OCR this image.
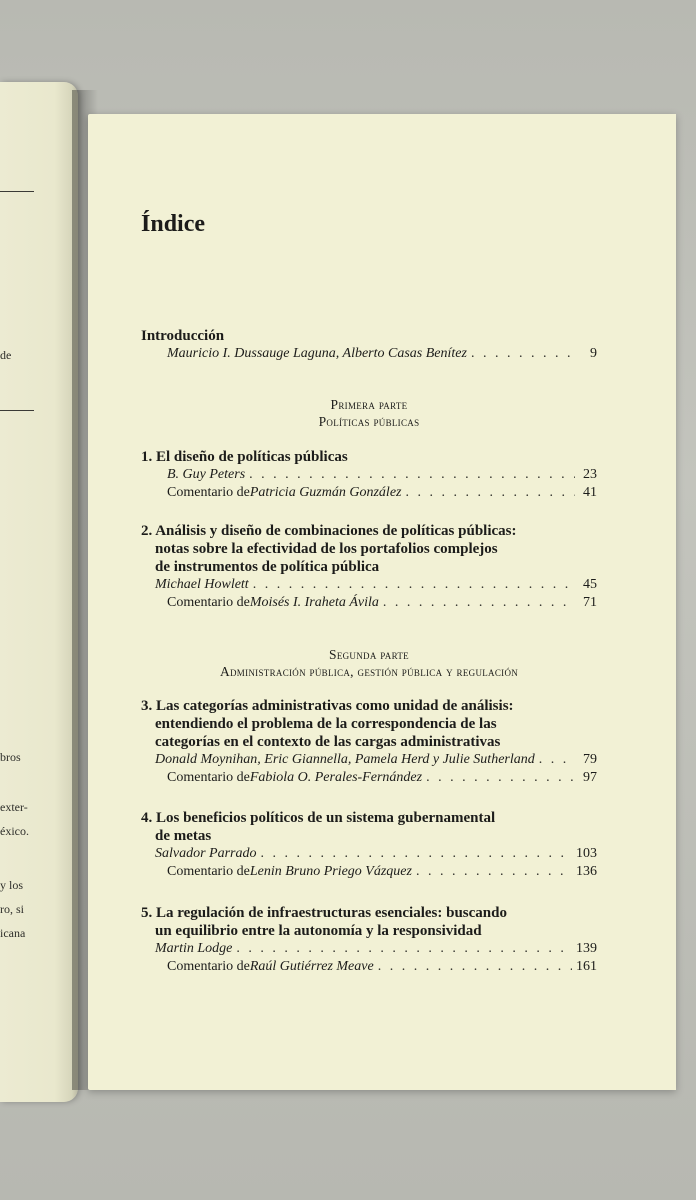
de
bros
exter-
éxico.
y los
ro, si
icana
Índice
Introducción
Mauricio I. Dussauge Laguna, Alberto Casas Benítez . . .	9
Primera parte
Políticas públicas
1. El diseño de políticas públicas
B. Guy Peters . . .	23
Comentario de Patricia Guzmán González . . .	41
2. Análisis y diseño de combinaciones de políticas públicas:
notas sobre la efectividad de los portafolios complejos
de instrumentos de política pública
Michael Howlett . . .	45
Comentario de Moisés I. Iraheta Ávila . . .	71
Segunda parte
Administración pública, gestión pública y regulación
3. Las categorías administrativas como unidad de análisis:
entendiendo el problema de la correspondencia de las
categorías en el contexto de las cargas administrativas
Donald Moynihan, Eric Giannella, Pamela Herd y Julie Sutherland . . .	79
Comentario de Fabiola O. Perales-Fernández . . .	97
4. Los beneficios políticos de un sistema gubernamental
de metas
Salvador Parrado . . .	103
Comentario de Lenin Bruno Priego Vázquez . . .	136
5. La regulación de infraestructuras esenciales: buscando
un equilibrio entre la autonomía y la responsividad
Martin Lodge . . .	139
Comentario de Raúl Gutiérrez Meave . . .	161
